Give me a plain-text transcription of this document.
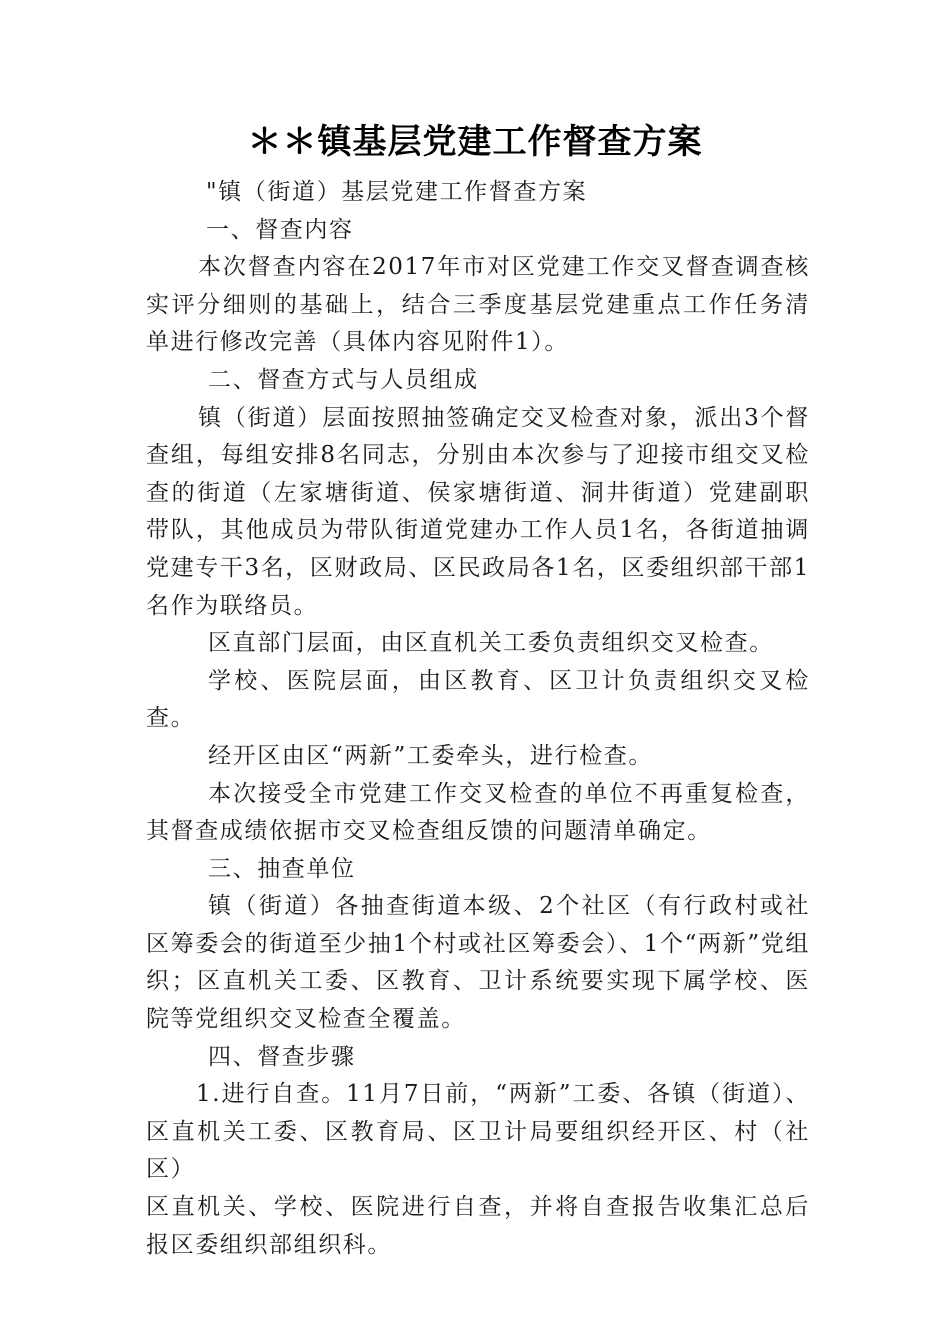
＊＊镇基层党建工作督查方案

"镇（街道）基层党建工作督查方案

一、督查内容

本次督查内容在2017年市对区党建工作交叉督查调查核实评分细则的基础上，结合三季度基层党建重点工作任务清单进行修改完善（具体内容见附件1）。

二、督查方式与人员组成

镇（街道）层面按照抽签确定交叉检查对象，派出3个督查组，每组安排8名同志，分别由本次参与了迎接市组交叉检查的街道（左家塘街道、侯家塘街道、洞井街道）党建副职带队，其他成员为带队街道党建办工作人员1名，各街道抽调党建专干3名，区财政局、区民政局各1名，区委组织部干部1名作为联络员。

区直部门层面，由区直机关工委负责组织交叉检查。

学校、医院层面，由区教育、区卫计负责组织交叉检查。

经开区由区“两新”工委牵头，进行检查。

本次接受全市党建工作交叉检查的单位不再重复检查，其督查成绩依据市交叉检查组反馈的问题清单确定。

三、抽查单位

镇（街道）各抽查街道本级、2个社区（有行政村或社区筹委会的街道至少抽1个村或社区筹委会）、1个“两新”党组织；区直机关工委、区教育、卫计系统要实现下属学校、医院等党组织交叉检查全覆盖。

四、督查步骤

1.进行自查。11月7日前，“两新”工委、各镇（街道）、区直机关工委、区教育局、区卫计局要组织经开区、村（社区）

区直机关、学校、医院进行自查，并将自查报告收集汇总后报区委组织部组织科。
